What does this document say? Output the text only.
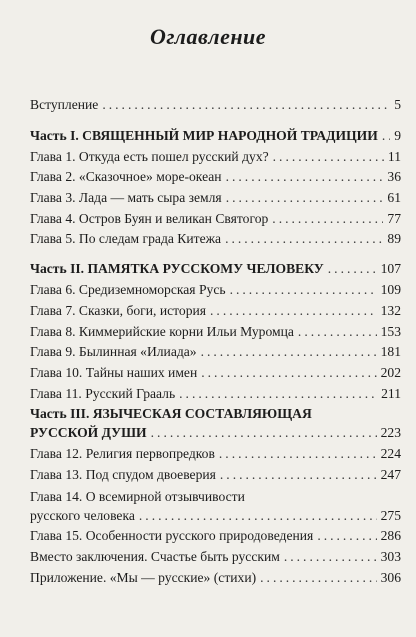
Оглавление
Вступление .....	5
Часть I. СВЯЩЕННЫЙ МИР НАРОДНОЙ ТРАДИЦИИ ..... 9
Глава 1. Откуда есть пошел русский дух? .....	11
Глава 2. «Сказочное» море-океан .....	36
Глава 3. Лада — мать сыра земля .....	61
Глава 4. Остров Буян и великан Святогор .....	77
Глава 5. По следам града Китежа .....	89
Часть II. ПАМЯТКА РУССКОМУ ЧЕЛОВЕКУ .....	107
Глава 6. Средиземноморская Русь .....	109
Глава 7. Сказки, боги, история .....	132
Глава 8. Киммерийские корни Ильи Муромца .....	153
Глава 9. Былинная «Илиада» .....	181
Глава 10. Тайны наших имен .....	202
Глава 11. Русский Грааль .....	211
Часть III. ЯЗЫЧЕСКАЯ СОСТАВЛЯЮЩАЯ
РУССКОЙ ДУШИ .....	223
Глава 12. Религия первопредков .....	224
Глава 13. Под спудом двоеверия .....	247
Глава 14. О всемирной отзывчивости
русского человека .....	275
Глава 15. Особенности русского природоведения .....	286
Вместо заключения. Счастье быть русским .....	303
Приложение. «Мы — русские» (стихи) .....	306
